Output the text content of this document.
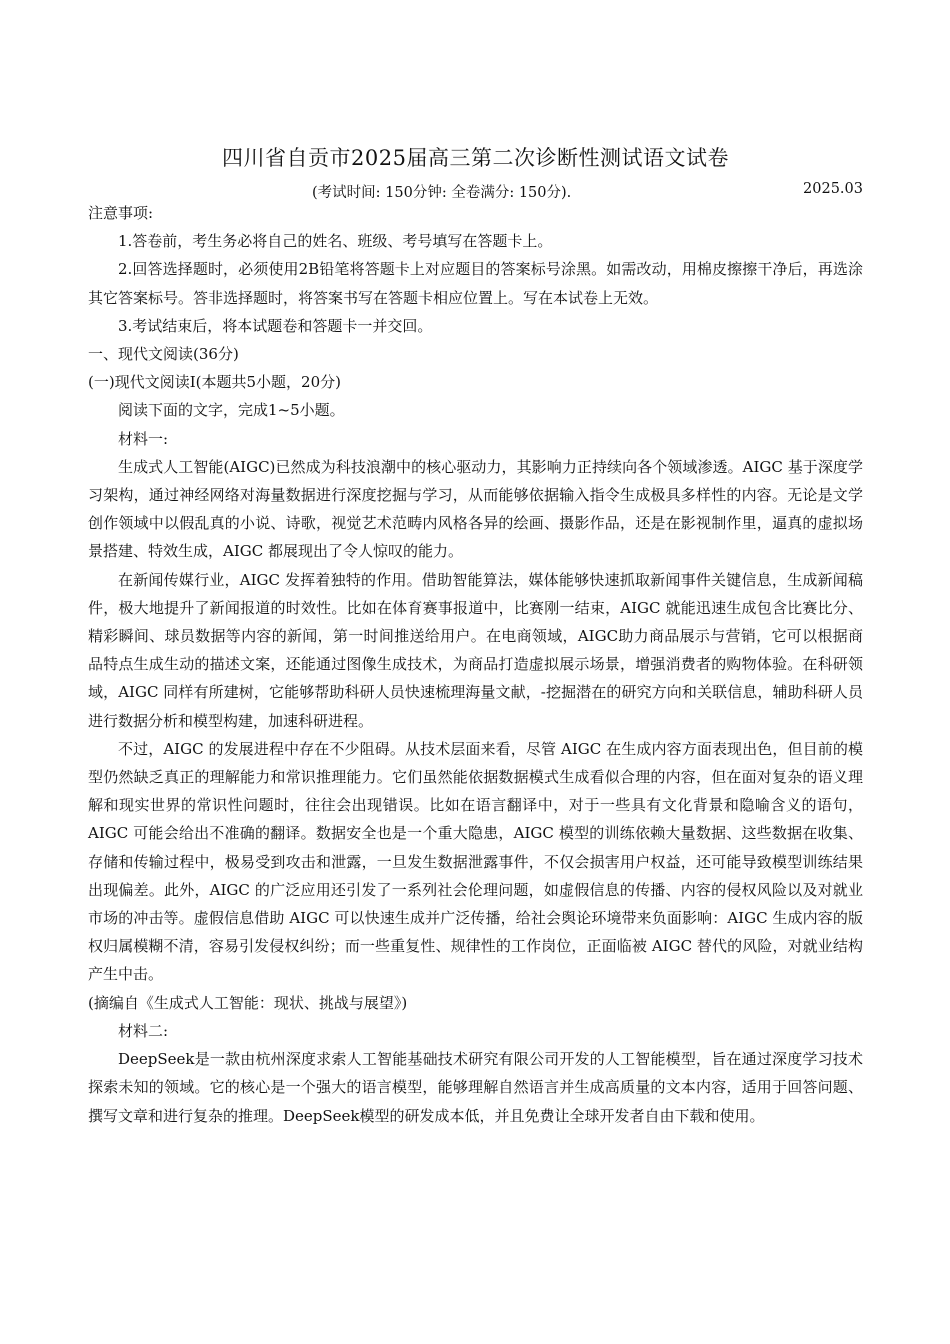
四川省自贡市2025届高三第二次诊断性测试语文试卷
(考试时间: 150分钟: 全卷满分: 150分).	2025.03

注意事项:

1.答卷前，考生务必将自己的姓名、班级、考号填写在答题卡上。

2.回答选择题时，必须使用2B铅笔将答题卡上对应题目的答案标号涂黑。如需改动，用棉皮擦擦干净后，再选涂其它答案标号。答非选择题时，将答案书写在答题卡相应位置上。写在本试卷上无效。

3.考试结束后，将本试题卷和答题卡一并交回。

一、现代文阅读(36分)

(一)现代文阅读Ⅰ(本题共5小题，20分)

阅读下面的文字，完成1~5小题。

材料一:

生成式人工智能(AIGC)已然成为科技浪潮中的核心驱动力，其影响力正持续向各个领域渗透。AIGC 基于深度学习架构，通过神经网络对海量数据进行深度挖掘与学习，从而能够依据输入指令生成极具多样性的内容。无论是文学创作领域中以假乱真的小说、诗歌，视觉艺术范畴内风格各异的绘画、摄影作品，还是在影视制作里，逼真的虚拟场景搭建、特效生成，AIGC 都展现出了令人惊叹的能力。

在新闻传媒行业，AIGC 发挥着独特的作用。借助智能算法，媒体能够快速抓取新闻事件关键信息，生成新闻稿件，极大地提升了新闻报道的时效性。比如在体育赛事报道中，比赛刚一结束，AIGC 就能迅速生成包含比赛比分、精彩瞬间、球员数据等内容的新闻，第一时间推送给用户。在电商领域，AIGC助力商品展示与营销，它可以根据商品特点生成生动的描述文案，还能通过图像生成技术，为商品打造虚拟展示场景，增强消费者的购物体验。在科研领域，AIGC 同样有所建树，它能够帮助科研人员快速梳理海量文献，-挖掘潜在的研究方向和关联信息，辅助科研人员进行数据分析和模型构建，加速科研进程。

不过，AIGC 的发展进程中存在不少阻碍。从技术层面来看，尽管 AIGC 在生成内容方面表现出色，但目前的模型仍然缺乏真正的理解能力和常识推理能力。它们虽然能依据数据模式生成看似合理的内容，但在面对复杂的语义理解和现实世界的常识性问题时，往往会出现错误。比如在语言翻译中，对于一些具有文化背景和隐喻含义的语句，AIGC 可能会给出不准确的翻译。数据安全也是一个重大隐患，AIGC 模型的训练依赖大量数据、这些数据在收集、存储和传输过程中，极易受到攻击和泄露，一旦发生数据泄露事件，不仅会损害用户权益，还可能导致模型训练结果出现偏差。此外，AIGC 的广泛应用还引发了一系列社会伦理问题，如虚假信息的传播、内容的侵权风险以及对就业市场的冲击等。虚假信息借助 AIGC 可以快速生成并广泛传播，给社会舆论环境带来负面影响：AIGC 生成内容的版权归属模糊不清，容易引发侵权纠纷；而一些重复性、规律性的工作岗位，正面临被 AIGC 替代的风险，对就业结构产生中击。

(摘编自《生成式人工智能：现状、挑战与展望》)

材料二:

DeepSeek是一款由杭州深度求索人工智能基础技术研究有限公司开发的人工智能模型，旨在通过深度学习技术探索未知的领域。它的核心是一个强大的语言模型，能够理解自然语言并生成高质量的文本内容，适用于回答问题、撰写文章和进行复杂的推理。DeepSeek模型的研发成本低，并且免费让全球开发者自由下载和使用。
